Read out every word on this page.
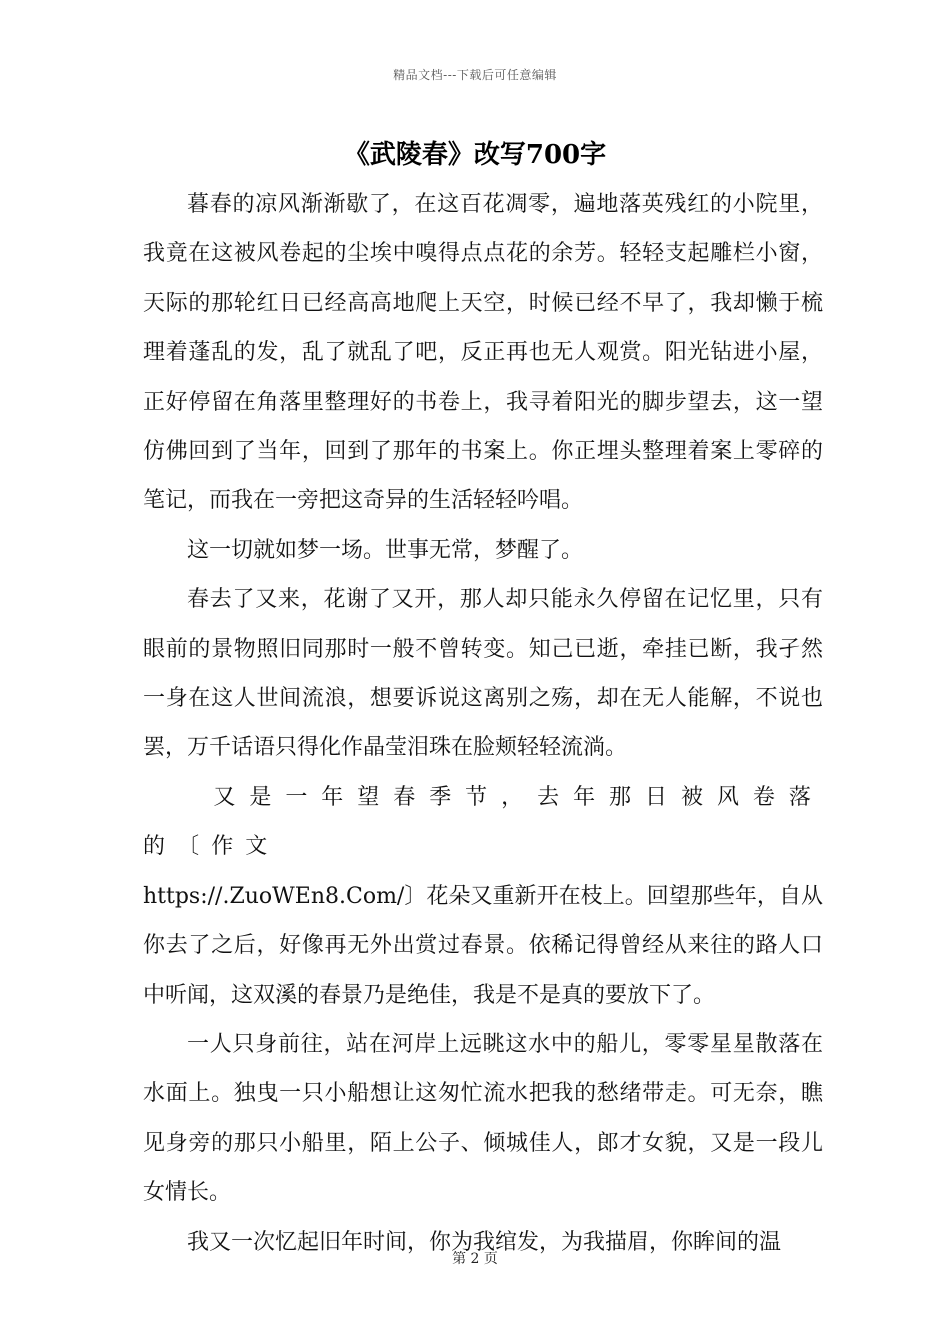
精品文档---下载后可任意编辑
《武陵春》改写700字

暮春的凉风渐渐歇了，在这百花凋零，遍地落英残红的小院里，我竟在这被风卷起的尘埃中嗅得点点花的余芳。轻轻支起雕栏小窗，天际的那轮红日已经高高地爬上天空，时候已经不早了，我却懒于梳理着蓬乱的发，乱了就乱了吧，反正再也无人观赏。阳光钻进小屋，正好停留在角落里整理好的书卷上，我寻着阳光的脚步望去，这一望仿佛回到了当年，回到了那年的书案上。你正埋头整理着案上零碎的笔记，而我在一旁把这奇异的生活轻轻吟唱。

这一切就如梦一场。世事无常，梦醒了。

春去了又来，花谢了又开，那人却只能永久停留在记忆里，只有眼前的景物照旧同那时一般不曾转变。知己已逝，牵挂已断，我孑然一身在这人世间流浪，想要诉说这离别之殇，却在无人能解，不说也罢，万千话语只得化作晶莹泪珠在脸颊轻轻流淌。

又是一年望春季节，去年那日被风卷落的〔作文

https://.ZuoWEn8.Com/〕花朵又重新开在枝上。回望那些年，自从你去了之后，好像再无外出赏过春景。依稀记得曾经从来往的路人口中听闻，这双溪的春景乃是绝佳，我是不是真的要放下了。

一人只身前往，站在河岸上远眺这水中的船儿，零零星星散落在水面上。独曳一只小船想让这匆忙流水把我的愁绪带走。可无奈，瞧见身旁的那只小船里，陌上公子、倾城佳人，郎才女貌，又是一段儿女情长。

我又一次忆起旧年时间，你为我绾发，为我描眉，你眸间的温

第 2 页
